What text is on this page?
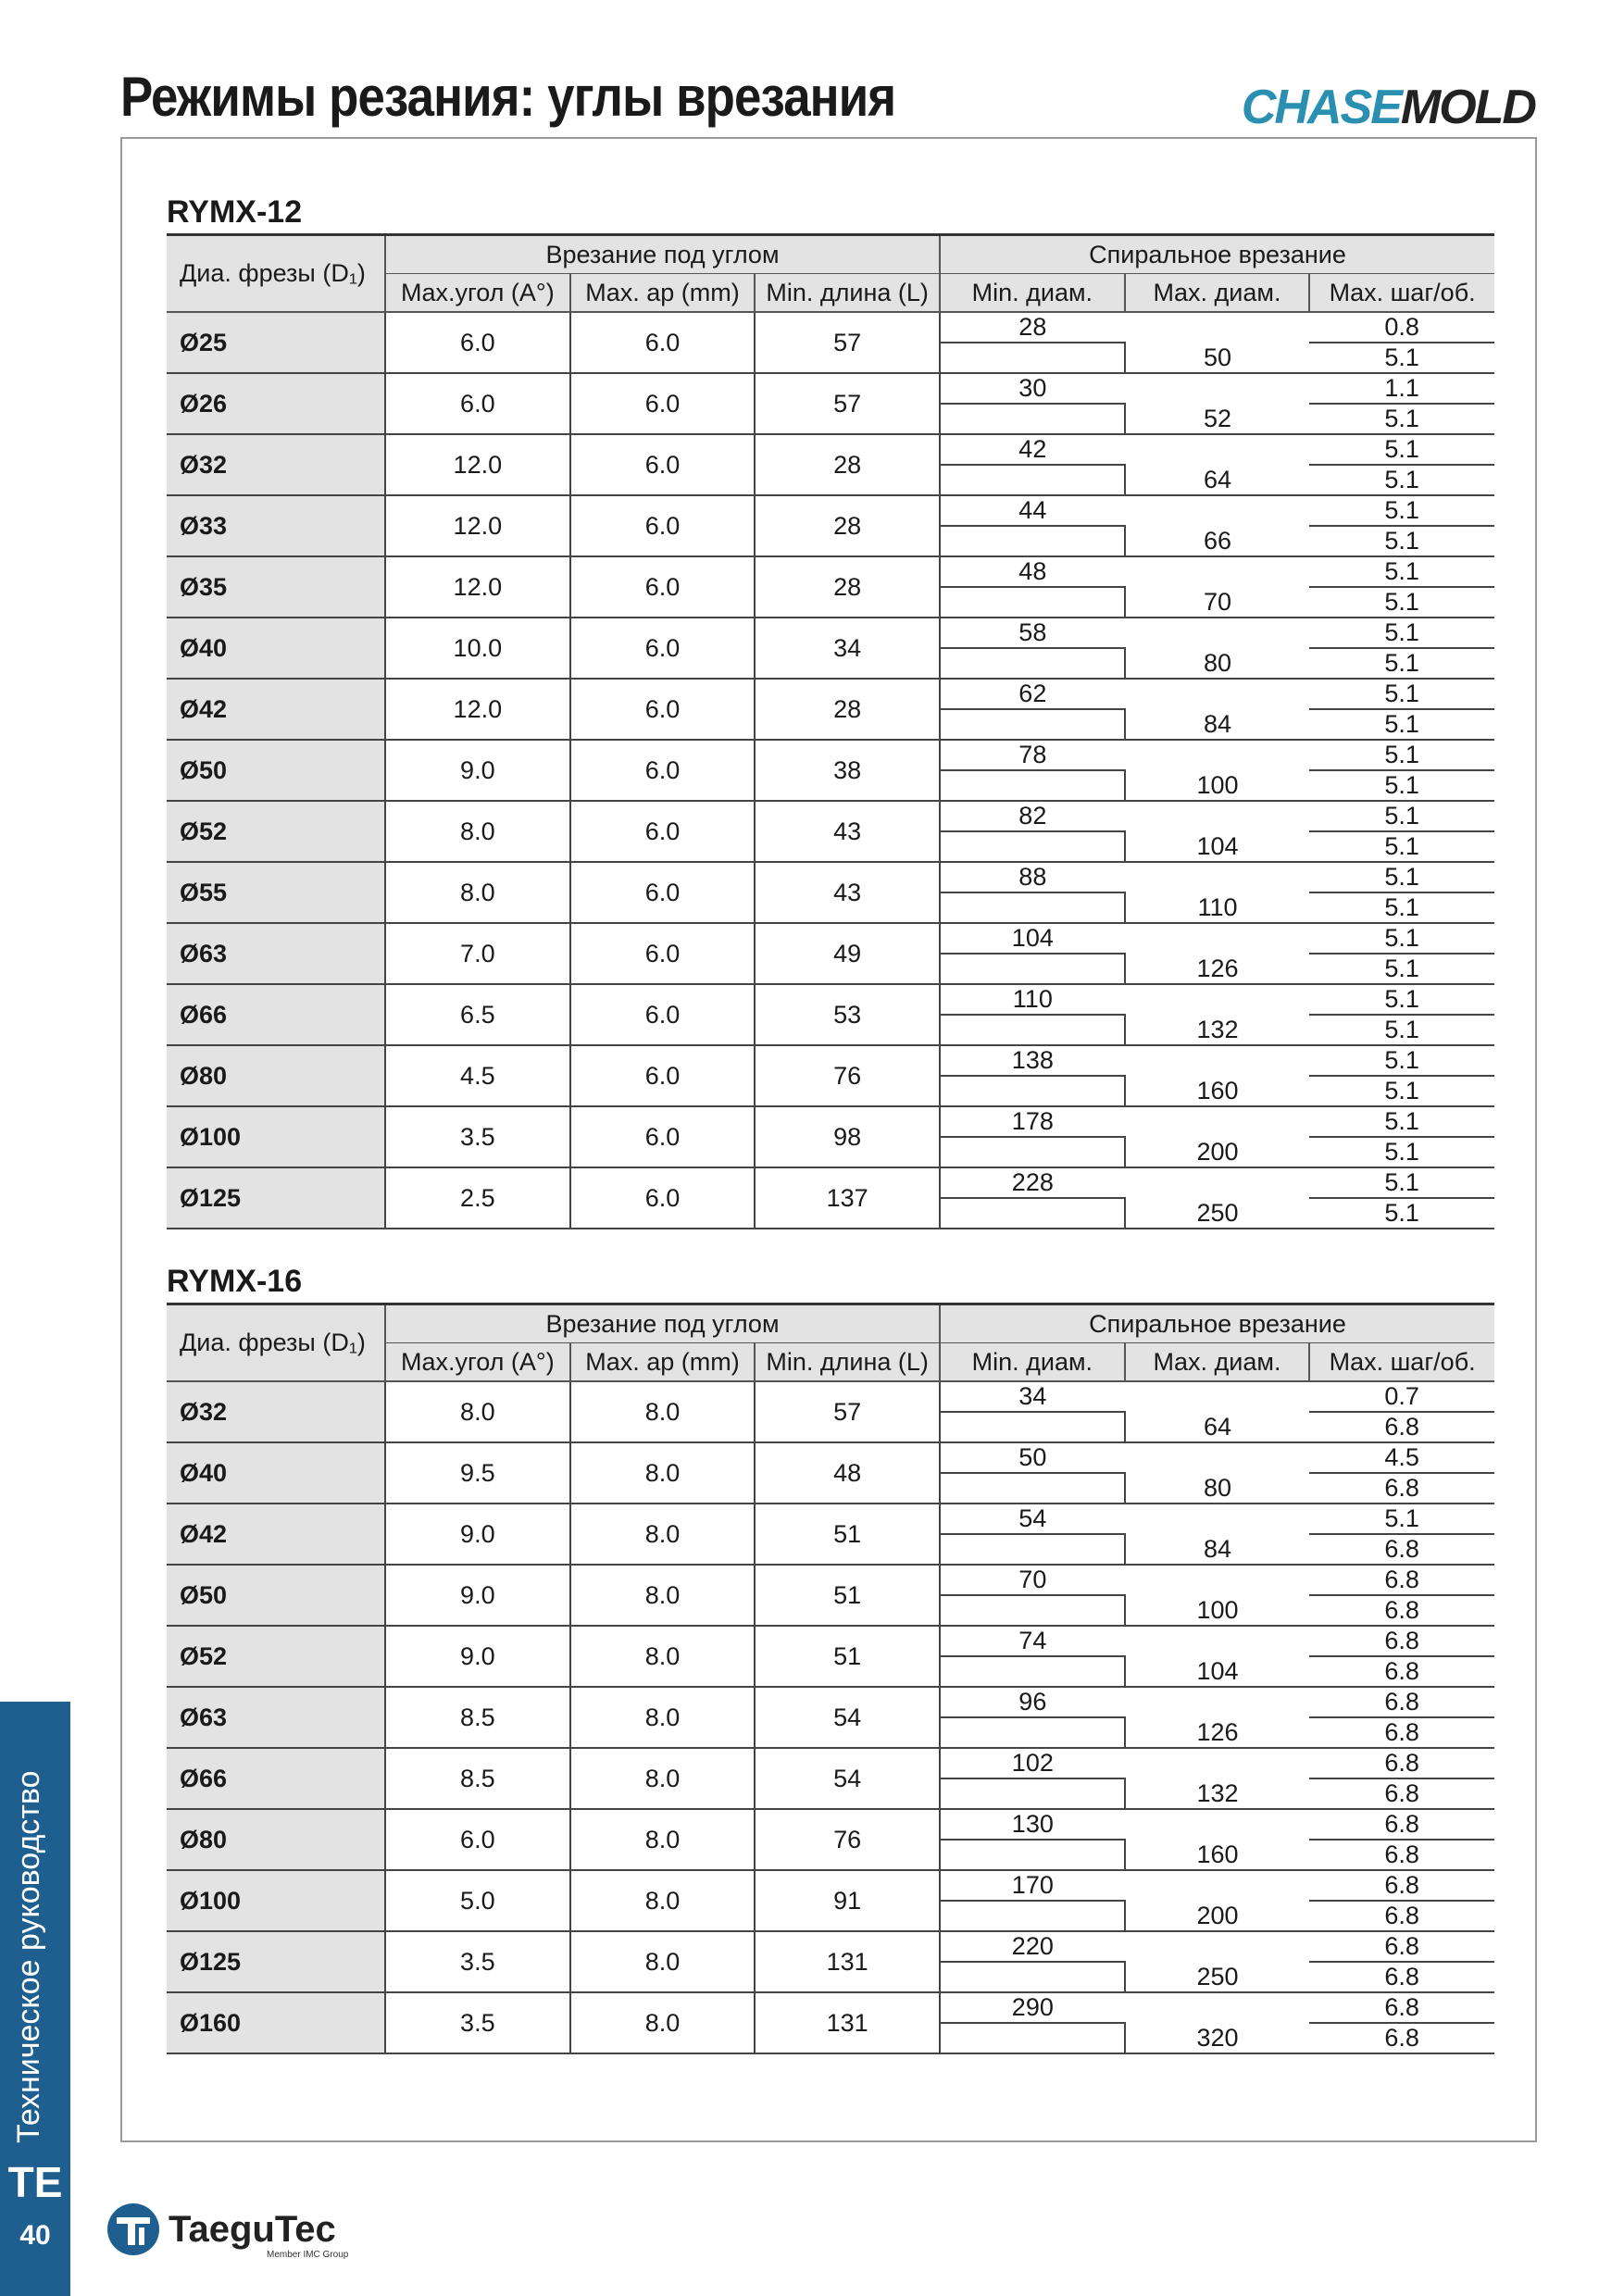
Режимы резания: углы врезания	CHASEMOLD
RYMX-12
Диа. фрезы (D₁)	Врезание под углом			Спиральное врезание		
	Max.угол (A°)	Max. ap (mm)	Min. длина (L)	Min. диам.	Max. диам.	Max. шаг/об.
Ø25	6.0	6.0	57	28		0.8
					50	5.1
Ø26	6.0	6.0	57	30		1.1
					52	5.1
Ø32	12.0	6.0	28	42		5.1
					64	5.1
Ø33	12.0	6.0	28	44		5.1
					66	5.1
Ø35	12.0	6.0	28	48		5.1
					70	5.1
Ø40	10.0	6.0	34	58		5.1
					80	5.1
Ø42	12.0	6.0	28	62		5.1
					84	5.1
Ø50	9.0	6.0	38	78		5.1
					100	5.1
Ø52	8.0	6.0	43	82		5.1
					104	5.1
Ø55	8.0	6.0	43	88		5.1
					110	5.1
Ø63	7.0	6.0	49	104		5.1
					126	5.1
Ø66	6.5	6.0	53	110		5.1
					132	5.1
Ø80	4.5	6.0	76	138		5.1
					160	5.1
Ø100	3.5	6.0	98	178		5.1
					200	5.1
Ø125	2.5	6.0	137	228		5.1
					250	5.1
RYMX-16
Диа. фрезы (D₁)	Врезание под углом			Спиральное врезание		
	Max.угол (A°)	Max. ap (mm)	Min. длина (L)	Min. диам.	Max. диам.	Max. шаг/об.
Ø32	8.0	8.0	57	34		0.7
					64	6.8
Ø40	9.5	8.0	48	50		4.5
					80	6.8
Ø42	9.0	8.0	51	54		5.1
					84	6.8
Ø50	9.0	8.0	51	70		6.8
					100	6.8
Ø52	9.0	8.0	51	74		6.8
					104	6.8
Ø63	8.5	8.0	54	96		6.8
					126	6.8
Ø66	8.5	8.0	54	102		6.8
					132	6.8
Ø80	6.0	8.0	76	130		6.8
					160	6.8
Ø100	5.0	8.0	91	170		6.8
					200	6.8
Ø125	3.5	8.0	131	220		6.8
					250	6.8
Ø160	3.5	8.0	131	290		6.8
					320	6.8
TE
40	TaeguTec
Member IMC Group
